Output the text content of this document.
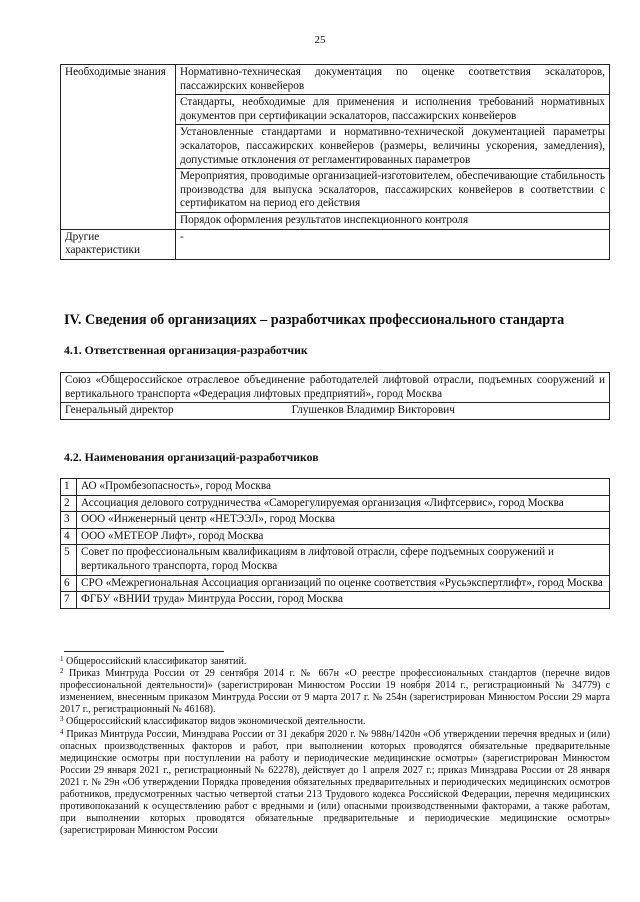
25
Необходимые знания	Нормативно-техническая документация по оценке соответствия эскалаторов, пассажирских конвейеров
	Стандарты, необходимые для применения и исполнения требований нормативных документов при сертификации эскалаторов, пассажирских конвейеров
	Установленные стандартами и нормативно-технической документацией параметры эскалаторов, пассажирских конвейеров (размеры, величины ускорения, замедления), допустимые отклонения от регламентированных параметров
	Мероприятия, проводимые организацией-изготовителем, обеспечивающие стабильность производства для выпуска эскалаторов, пассажирских конвейеров в соответствии с сертификатом на период его действия
	Порядок оформления результатов инспекционного контроля
Другие характеристики	-
IV. Сведения об организациях – разработчиках профессионального стандарта
4.1. Ответственная организация-разработчик
Союз «Общероссийское отраслевое объединение работодателей лифтовой отрасли, подъемных сооружений и вертикального транспорта «Федерация лифтовых предприятий», город Москва
Генеральный директор	Глушенков Владимир Викторович
4.2. Наименования организаций-разработчиков
1	АО «Промбезопасность», город Москва
2	Ассоциация делового сотрудничества «Саморегулируемая организация «Лифтсервис», город Москва
3	ООО «Инженерный центр «НЕТЭЭЛ», город Москва
4	ООО «МЕТЕОР Лифт», город Москва
5	Совет по профессиональным квалификациям в лифтовой отрасли, сфере подъемных сооружений и вертикального транспорта, город Москва
6	СРО «Межрегиональная Ассоциация организаций по оценке соответствия «Русьэкспертлифт», город Москва
7	ФГБУ «ВНИИ труда» Минтруда России, город Москва

$^1$ Общероссийский классификатор занятий.

$^2$ Приказ Минтруда России от 29 сентября 2014 г. № 667н «О реестре профессиональных стандартов (перечне видов профессиональной деятельности)» (зарегистрирован Минюстом России 19 ноября 2014 г., регистрационный № 34779) с изменением, внесенным приказом Минтруда России от 9 марта 2017 г. № 254н (зарегистрирован Минюстом России 29 марта 2017 г., регистрационный № 46168).

$^3$ Общероссийский классификатор видов экономической деятельности.

$^4$ Приказ Минтруда России, Минздрава России от 31 декабря 2020 г. № 988н/1420н «Об утверждении перечня вредных и (или) опасных производственных факторов и работ, при выполнении которых проводятся обязательные предварительные медицинские осмотры при поступлении на работу и периодические медицинские осмотры» (зарегистрирован Минюстом России 29 января 2021 г., регистрационный № 62278), действует до 1 апреля 2027 г.; приказ Минздрава России от 28 января 2021 г. № 29н «Об утверждении Порядка проведения обязательных предварительных и периодических медицинских осмотров работников, предусмотренных частью четвертой статьи 213 Трудового кодекса Российской Федерации, перечня медицинских противопоказаний к осуществлению работ с вредными и (или) опасными производственными факторами, а также работам, при выполнении которых проводятся обязательные предварительные и периодические медицинские осмотры» (зарегистрирован Минюстом России
